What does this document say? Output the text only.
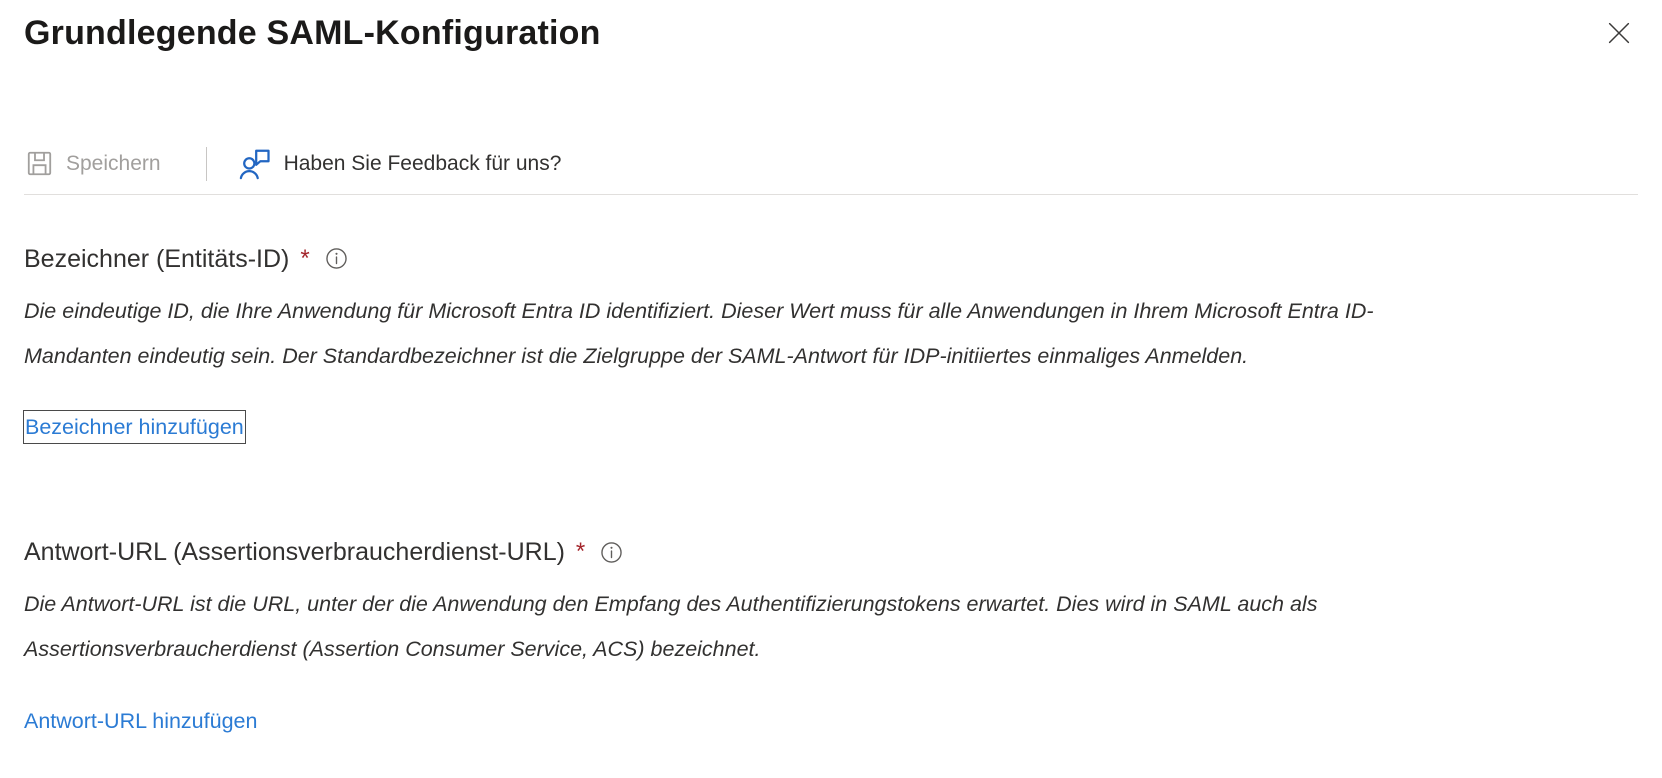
Grundlegende SAML-Konfiguration
Speichern	Haben Sie Feedback für uns?
Bezeichner (Entitäts-ID) *

Die eindeutige ID, die Ihre Anwendung für Microsoft Entra ID identifiziert. Dieser Wert muss für alle Anwendungen in Ihrem Microsoft Entra ID-Mandanten eindeutig sein. Der Standardbezeichner ist die Zielgruppe der SAML-Antwort für IDP-initiiertes einmaliges Anmelden.

Bezeichner hinzufügen
Antwort-URL (Assertionsverbraucherdienst-URL) *

Die Antwort-URL ist die URL, unter der die Anwendung den Empfang des Authentifizierungstokens erwartet. Dies wird in SAML auch als Assertionsverbraucherdienst (Assertion Consumer Service, ACS) bezeichnet.

Antwort-URL hinzufügen
